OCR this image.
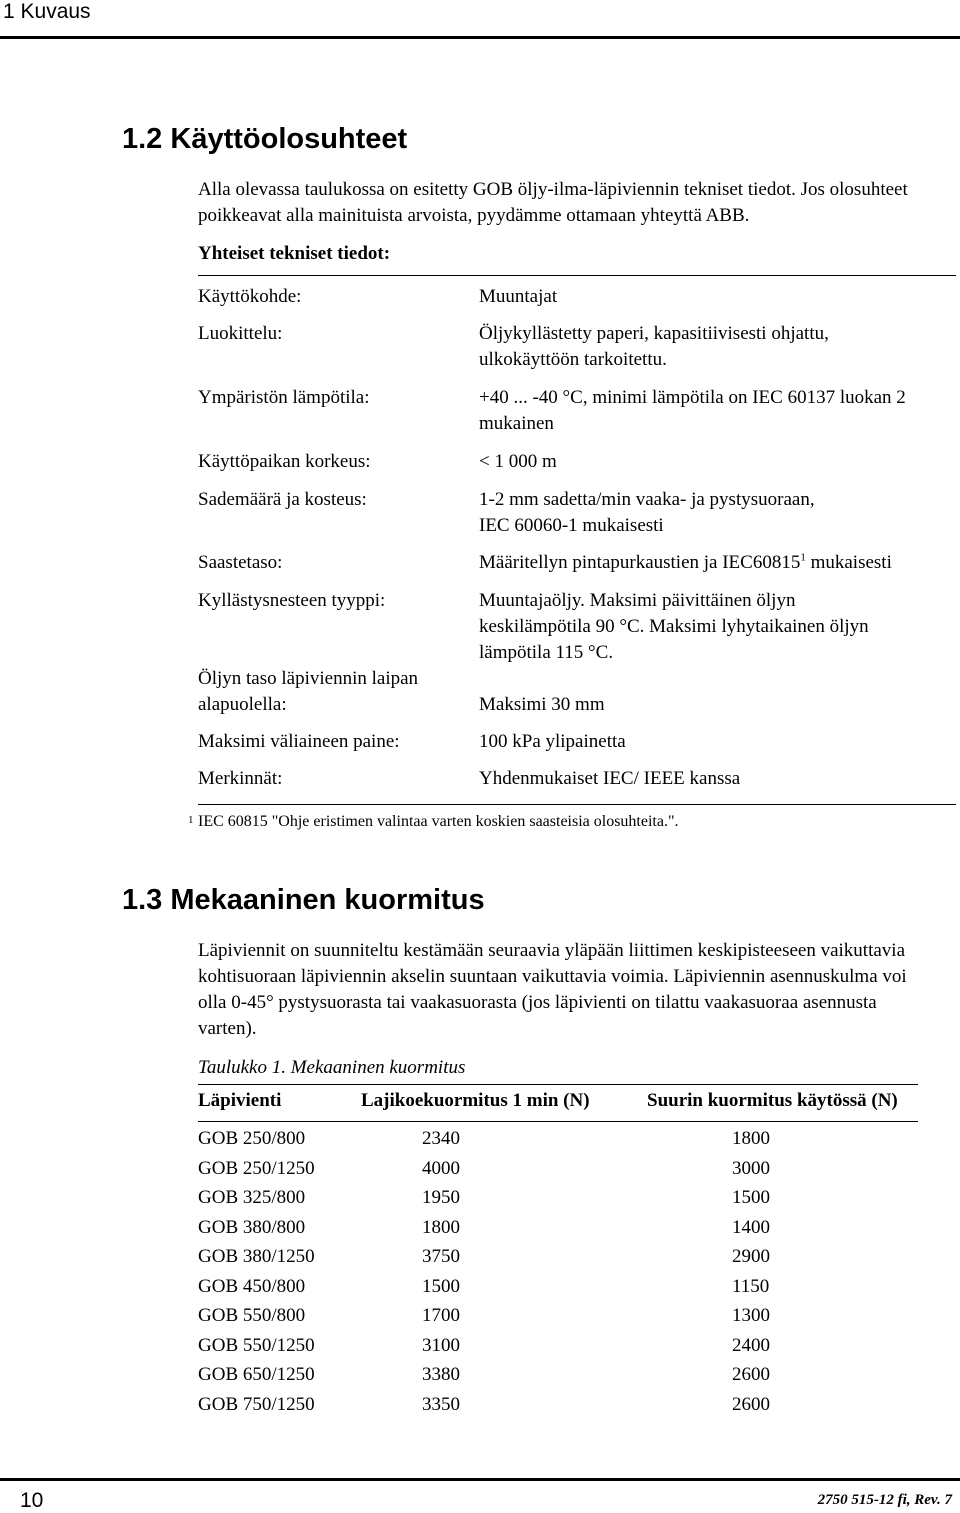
1 Kuvaus
1.2 Käyttöolosuhteet
Alla olevassa taulukossa on esitetty GOB öljy-ilma-läpiviennin tekniset tiedot. Jos olosuhteet poikkeavat alla mainituista arvoista, pyydämme ottamaan yhteyttä ABB.
Yhteiset tekniset tiedot:
Käyttökohde:	Muuntajat
Luokittelu:	Öljykyllästetty paperi, kapasitiivisesti ohjattu,
ulkokäyttöön tarkoitettu.
Ympäristön lämpötila:	+40 ... -40 °C, minimi lämpötila on IEC 60137 luokan 2
mukainen
Käyttöpaikan korkeus:	< 1 000 m
Sademäärä ja kosteus:	1-2 mm sadetta/min vaaka- ja pystysuoraan,
IEC 60060-1 mukaisesti
Saastetaso:	Määritellyn pintapurkaustien ja IEC60815$^1$ mukaisesti
Kyllästysnesteen tyyppi:	Muuntajaöljy. Maksimi päivittäinen öljyn
keskilämpötila 90 °C. Maksimi lyhytaikainen öljyn
lämpötila 115 °C.
Öljyn taso läpiviennin laipan
alapuolella:	Maksimi 30 mm
Maksimi väliaineen paine:	100 kPa ylipainetta
Merkinnät:	Yhdenmukaiset IEC/ IEEE kanssa
1 IEC 60815 "Ohje eristimen valintaa varten koskien saasteisia olosuhteita.".
1.3 Mekaaninen kuormitus
Läpiviennit on suunniteltu kestämään seuraavia yläpään liittimen keskipisteeseen vaikuttavia kohtisuoraan läpiviennin akselin suuntaan vaikuttavia voimia. Läpiviennin asennuskulma voi olla 0-45° pystysuorasta tai vaakasuorasta (jos läpivienti on tilattu vaakasuoraa asennusta varten).
Taulukko 1. Mekaaninen kuormitus
Läpivienti	Lajikoekuormitus 1 min (N)	Suurin kuormitus käytössä (N)
GOB 250/800	2340	1800
GOB 250/1250	4000	3000
GOB 325/800	1950	1500
GOB 380/800	1800	1400
GOB 380/1250	3750	2900
GOB 450/800	1500	1150
GOB 550/800	1700	1300
GOB 550/1250	3100	2400
GOB 650/1250	3380	2600
GOB 750/1250	3350	2600
10	2750 515-12 fi, Rev. 7
